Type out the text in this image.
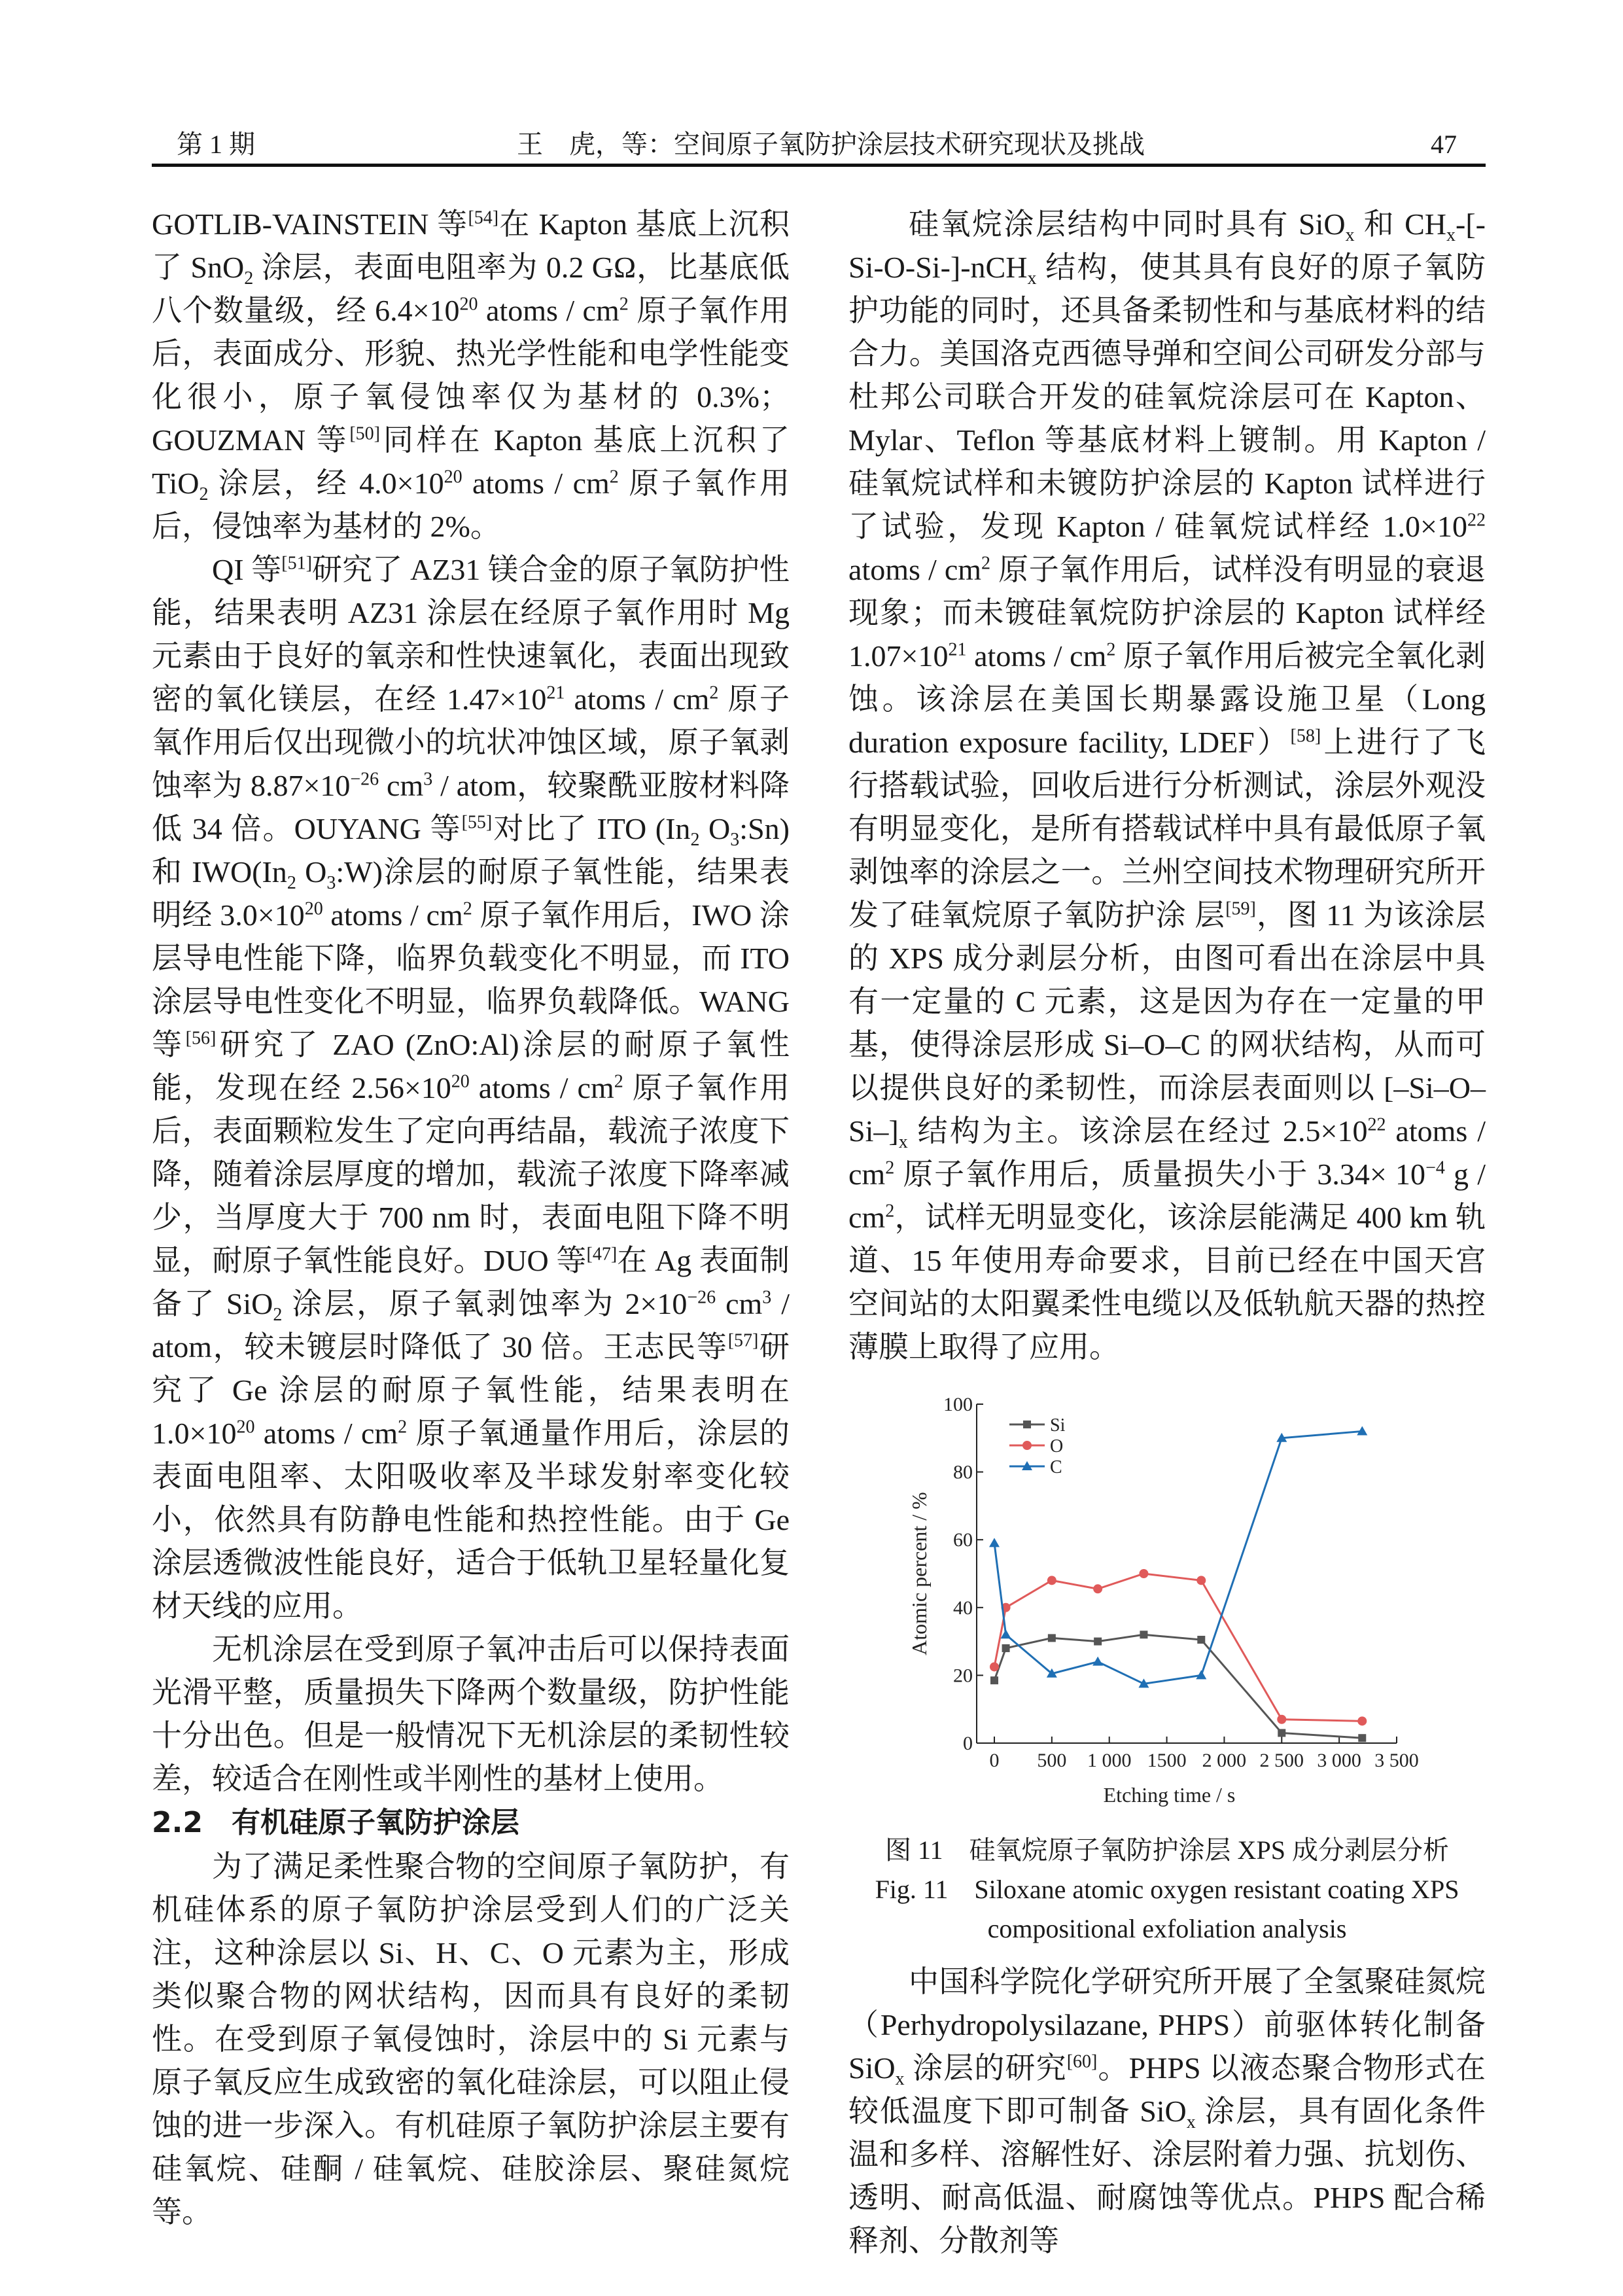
第 1 期	王　虎，等：空间原子氧防护涂层技术研究现状及挑战	47
GOTLIB-VAINSTEIN 等[54]在 Kapton 基底上沉积了 SnO$_2$ 涂层，表面电阻率为 0.2 GΩ，比基底低八个数量级，经 $6.4\times 10^{20}$ atoms / $cm^2$ 原子氧作用后，表面成分、形貌、热光学性能和电学性能变化很小，原子氧侵蚀率仅为基材的 0.3%；GOUZMAN 等[50]同样在 Kapton 基底上沉积了 TiO$_2$ 涂层，经 $4.0\times 10^{20}$ atoms / $cm^2$ 原子氧作用后，侵蚀率为基材的 2%。
QI 等[51]研究了 AZ31 镁合金的原子氧防护性能，结果表明 AZ31 涂层在经原子氧作用时 Mg 元素由于良好的氧亲和性快速氧化，表面出现致密的氧化镁层，在经 $1.47\times 10^{21}$ atoms / $cm^2$ 原子氧作用后仅出现微小的坑状冲蚀区域，原子氧剥蚀率为 $8.87\times 10^{-26}$ $cm^3$ / atom，较聚酰亚胺材料降低 34 倍。OUYANG 等[55]对比了 ITO ($In_2$ $O_3:Sn$)和 $IWO(In_2$ $O_3:W$)涂层的耐原子氧性能，结果表明经 $3.0\times 10^{20}$ atoms / $cm^2$ 原子氧作用后，IWO 涂层导电性能下降，临界负载变化不明显，而 ITO 涂层导电性变化不明显，临界负载降低。WANG 等[56]研究了 ZAO (ZnO:Al)涂层的耐原子氧性能，发现在经 $2.56\times 10^{20}$ atoms / $cm^2$ 原子氧作用后，表面颗粒发生了定向再结晶，载流子浓度下降，随着涂层厚度的增加，载流子浓度下降率减少，当厚度大于 700 nm 时，表面电阻下降不明显，耐原子氧性能良好。DUO 等[47]在 Ag 表面制备了 SiO$_2$ 涂层，原子氧剥蚀率为 $2\times 10^{-26}$ $cm^3$ / atom，较未镀层时降低了 30 倍。王志民等[57]研究了 Ge 涂层的耐原子氧性能，结果表明在 $1.0\times 10^{20}$ atoms / $cm^2$ 原子氧通量作用后，涂层的表面电阻率、太阳吸收率及半球发射率变化较小，依然具有防静电性能和热控性能。由于 Ge 涂层透微波性能良好，适合于低轨卫星轻量化复材天线的应用。
无机涂层在受到原子氧冲击后可以保持表面光滑平整，质量损失下降两个数量级，防护性能十分出色。但是一般情况下无机涂层的柔韧性较差，较适合在刚性或半刚性的基材上使用。
2.2　有机硅原子氧防护涂层
为了满足柔性聚合物的空间原子氧防护，有机硅体系的原子氧防护涂层受到人们的广泛关注，这种涂层以 Si、H、C、O 元素为主，形成类似聚合物的网状结构，因而具有良好的柔韧性。在受到原子氧侵蚀时，涂层中的 Si 元素与原子氧反应生成致密的氧化硅涂层，可以阻止侵蚀的进一步深入。有机硅原子氧防护涂层主要有硅氧烷、硅酮 / 硅氧烷、硅胶涂层、聚硅氮烷等。
硅氧烷涂层结构中同时具有 SiO$_x$ 和 $CH_x-[-Si-O-Si-]-nCH_x$ 结构，使其具有良好的原子氧防护功能的同时，还具备柔韧性和与基底材料的结合力。美国洛克西德导弹和空间公司研发分部与杜邦公司联合开发的硅氧烷涂层可在 Kapton、Mylar、Teflon 等基底材料上镀制。用 Kapton / 硅氧烷试样和未镀防护涂层的 Kapton 试样进行了试验，发现 Kapton / 硅氧烷试样经 $1.0\times 10^{22}$ atoms / $cm^2$ 原子氧作用后，试样没有明显的衰退现象；而未镀硅氧烷防护涂层的 Kapton 试样经 $1.07\times 10^{21}$ atoms / $cm^2$ 原子氧作用后被完全氧化剥蚀。该涂层在美国长期暴露设施卫星（Long duration exposure facility, LDEF）[58]上进行了飞行搭载试验，回收后进行分析测试，涂层外观没有明显变化，是所有搭载试样中具有最低原子氧剥蚀率的涂层之一。兰州空间技术物理研究所开发了硅氧烷原子氧防护涂 层[59]，图 11 为该涂层的 XPS 成分剥层分析，由图可看出在涂层中具有一定量的 C 元素，这是因为存在一定量的甲基，使得涂层形成 Si–O–C 的网状结构，从而可以提供良好的柔韧性，而涂层表面则以 $[-Si-O-Si-]_x$ 结构为主。该涂层在经过 $2.5\times 10^{22}$ atoms / $cm^2$ 原子氧作用后，质量损失小于 $3.34\times 10^{-4}$ g / $cm^2$，试样无明显变化，该涂层能满足 400 km 轨道、15 年使用寿命要求，目前已经在中国天宫空间站的太阳翼柔性电缆以及低轨航天器的热控薄膜上取得了应用。
0
20
40
60
80
100
0 500 1 000 1500 2 000 2 500 3 000 3 500
Etching time / s
Atomic percent / %
Si
O
C
图 11　硅氧烷原子氧防护涂层 XPS 成分剥层分析
Fig. 11　Siloxane atomic oxygen resistant coating XPS
compositional exfoliation analysis
中国科学院化学研究所开展了全氢聚硅氮烷（Perhydropolysilazane, PHPS）前驱体转化制备 SiO$_x$ 涂层的研究[60]。PHPS 以液态聚合物形式在较低温度下即可制备 SiO$_x$ 涂层，具有固化条件温和多样、溶解性好、涂层附着力强、抗划伤、透明、耐高低温、耐腐蚀等优点。PHPS 配合稀释剂、分散剂等
